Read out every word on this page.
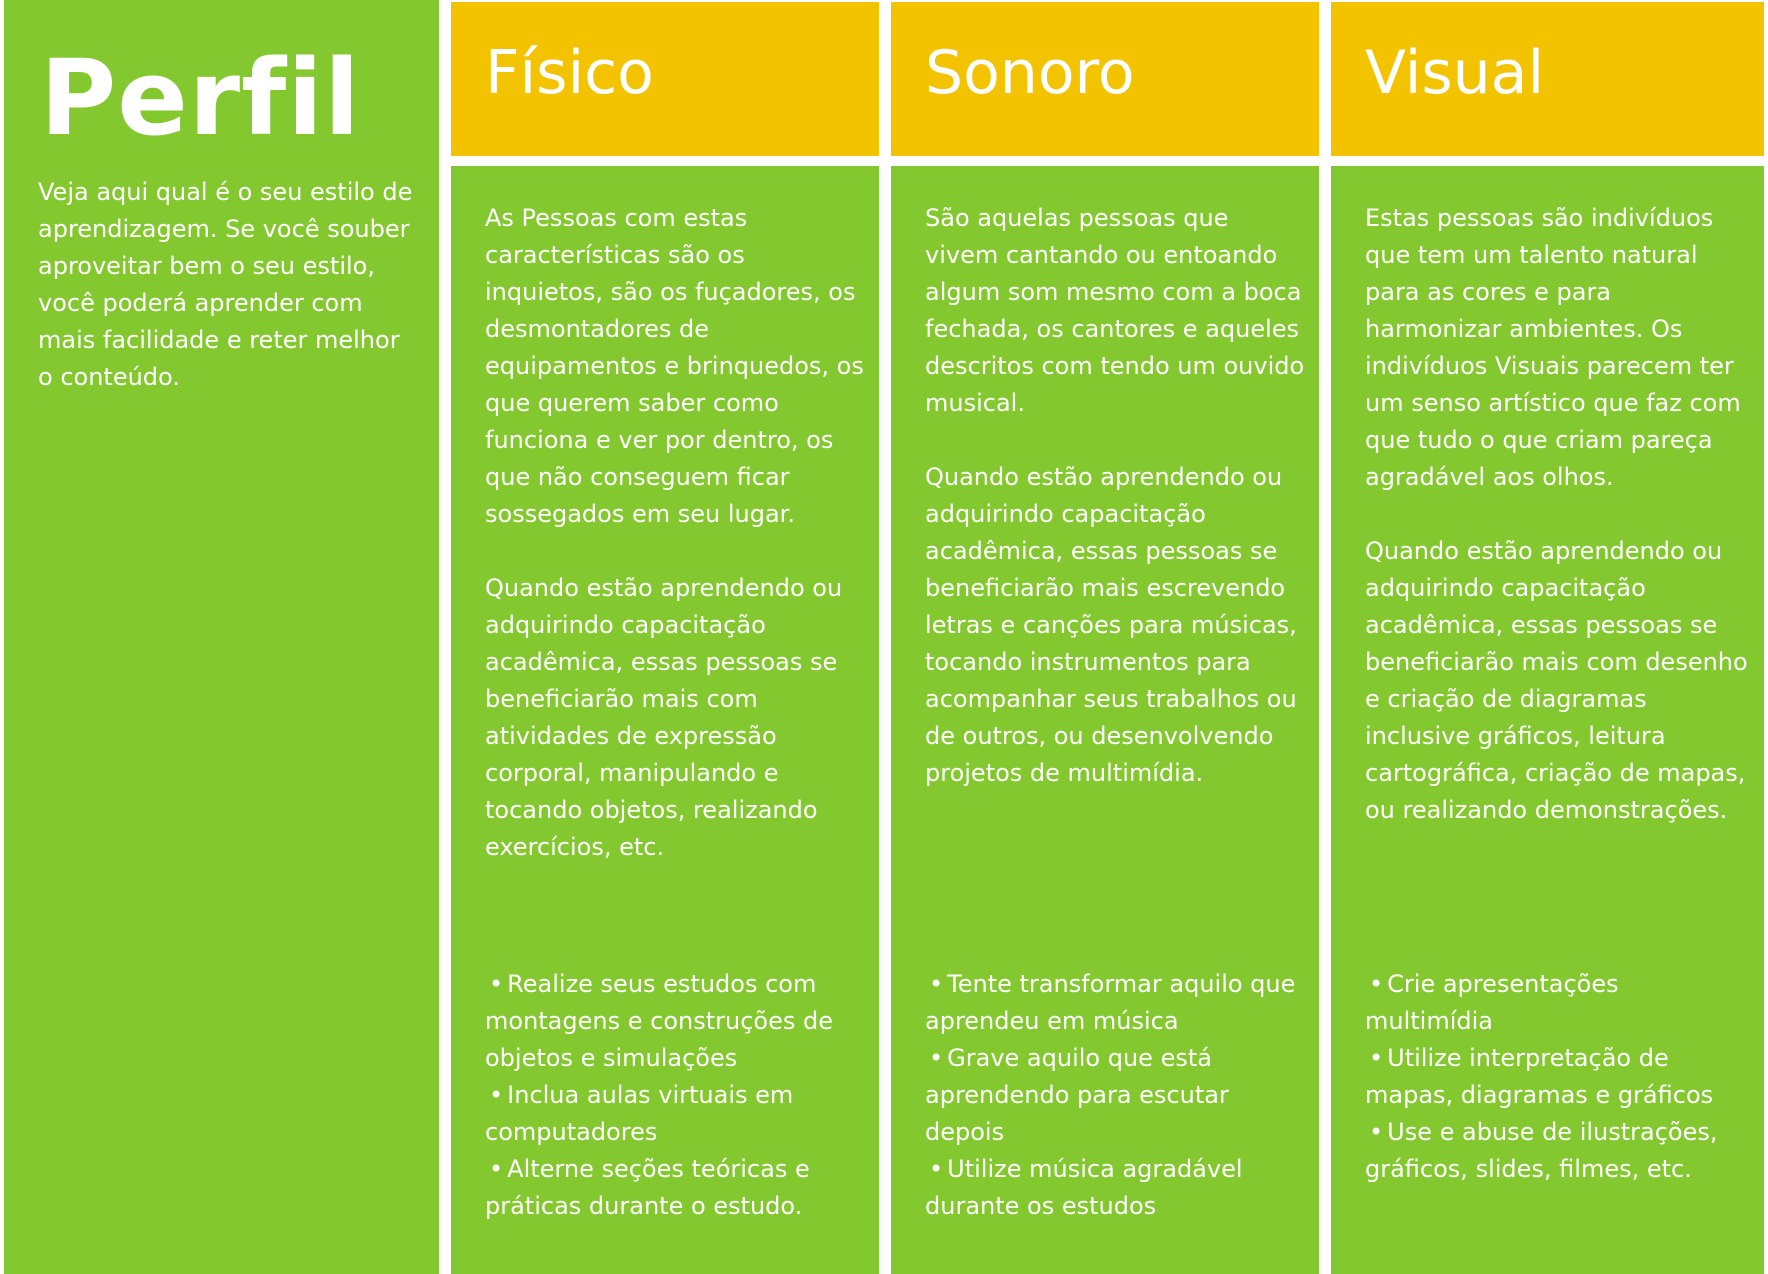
Perfil

Veja aqui qual é o seu estilo de aprendizagem. Se você souber aproveitar bem o seu estilo, você poderá aprender com mais facilidade e reter melhor o conteúdo.

Físico

As Pessoas com estas características são os inquietos, são os fuçadores, os desmontadores de equipamentos e brinquedos, os que querem saber como funciona e ver por dentro, os que não conseguem ficar sossegados em seu lugar.

Quando estão aprendendo ou adquirindo capacitação acadêmica, essas pessoas se beneficiarão mais com atividades de expressão corporal, manipulando e tocando objetos, realizando exercícios, etc.

• Realize seus estudos com montagens e construções de objetos e simulações
• Inclua aulas virtuais em computadores
• Alterne seções teóricas e práticas durante o estudo.
Sonoro

São aquelas pessoas que vivem cantando ou entoando algum som mesmo com a boca fechada, os cantores e aqueles descritos com tendo um ouvido musical.

Quando estão aprendendo ou adquirindo capacitação acadêmica, essas pessoas se beneficiarão mais escrevendo letras e canções para músicas, tocando instrumentos para acompanhar seus trabalhos ou de outros, ou desenvolvendo projetos de multimídia.

• Tente transformar aquilo que aprendeu em música
• Grave aquilo que está aprendendo para escutar depois
• Utilize música agradável durante os estudos
Visual

Estas pessoas são indivíduos que tem um talento natural para as cores e para harmonizar ambientes. Os indivíduos Visuais parecem ter um senso artístico que faz com que tudo o que criam pareça agradável aos olhos.

Quando estão aprendendo ou adquirindo capacitação acadêmica, essas pessoas se beneficiarão mais com desenho e criação de diagramas inclusive gráficos, leitura cartográfica, criação de mapas, ou realizando demonstrações.

• Crie apresentações multimídia
• Utilize interpretação de mapas, diagramas e gráficos
• Use e abuse de ilustrações, gráficos, slides, filmes, etc.
